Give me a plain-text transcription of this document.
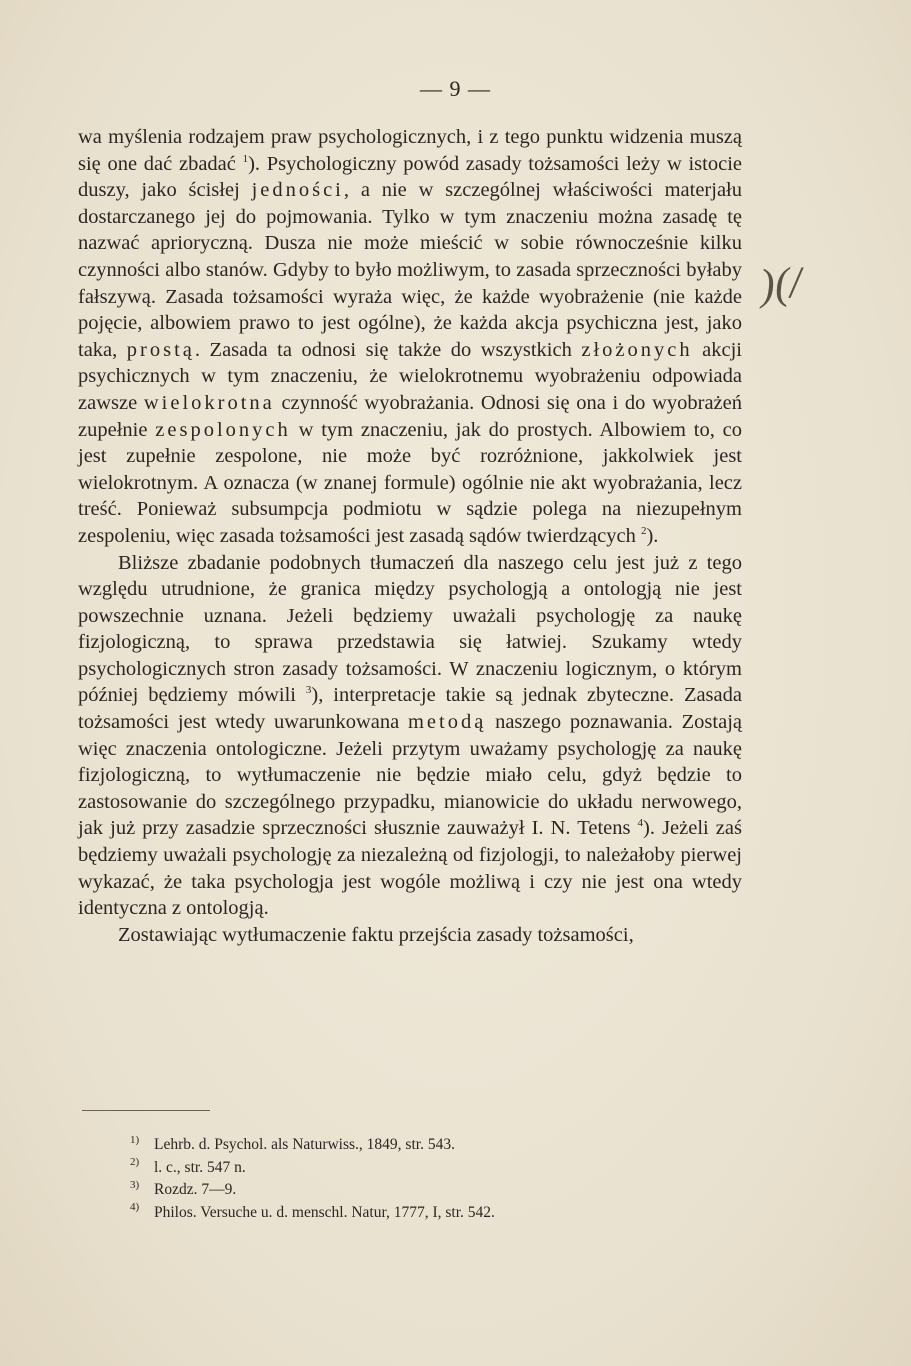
— 9 —

wa myślenia rodzajem praw psychologicznych, i z tego punktu widzenia muszą się one dać zbadać $^1$). Psychologiczny powód zasady tożsamości leży w istocie duszy, jako ścisłej jedności, a nie w szczególnej właściwości materjału dostarczanego jej do pojmowania. Tylko w tym znaczeniu można zasadę tę nazwać aprioryczną. Dusza nie może mieścić w sobie równocześnie kilku czynności albo stanów. Gdyby to było możliwym, to zasada sprzeczności byłaby fałszywą. Zasada tożsamości wyraża więc, że każde wyobrażenie (nie każde pojęcie, albowiem prawo to jest ogólne), że każda akcja psychiczna jest, jako taka, prostą. Zasada ta odnosi się także do wszystkich złożonych akcji psychicznych w tym znaczeniu, że wielokrotnemu wyobrażeniu odpowiada zawsze wielokrotna czynność wyobrażania. Odnosi się ona i do wyobrażeń zupełnie zespolonych w tym znaczeniu, jak do prostych. Albowiem to, co jest zupełnie zespolone, nie może być rozróżnione, jakkolwiek jest wielokrotnym. A oznacza (w znanej formule) ogólnie nie akt wyobrażania, lecz treść. Ponieważ subsumpcja podmiotu w sądzie polega na niezupełnym zespoleniu, więc zasada tożsamości jest zasadą sądów twierdzących $^2$).

Bliższe zbadanie podobnych tłumaczeń dla naszego celu jest już z tego względu utrudnione, że granica między psychologją a ontologją nie jest powszechnie uznana. Jeżeli będziemy uważali psychologję za naukę fizjologiczną, to sprawa przedstawia się łatwiej. Szukamy wtedy psychologicznych stron zasady tożsamości. W znaczeniu logicznym, o którym później będziemy mówili $^3$), interpretacje takie są jednak zbyteczne. Zasada tożsamości jest wtedy uwarunkowana metodą naszego poznawania. Zostają więc znaczenia ontologiczne. Jeżeli przytym uważamy psychologję za naukę fizjologiczną, to wytłumaczenie nie będzie miało celu, gdyż będzie to zastosowanie do szczególnego przypadku, mianowicie do układu nerwowego, jak już przy zasadzie sprzeczności słusznie zauważył I. N. Tetens $^4$). Jeżeli zaś będziemy uważali psychologję za niezależną od fizjologji, to należałoby pierwej wykazać, że taka psychologja jest wogóle możliwą i czy nie jest ona wtedy identyczna z ontologją.

Zostawiając wytłumaczenie faktu przejścia zasady tożsamości,

)(/
1) Lehrb. d. Psychol. als Naturwiss., 1849, str. 543.
2) l. c., str. 547 n.
3) Rozdz. 7—9.
4) Philos. Versuche u. d. menschl. Natur, 1777, I, str. 542.
